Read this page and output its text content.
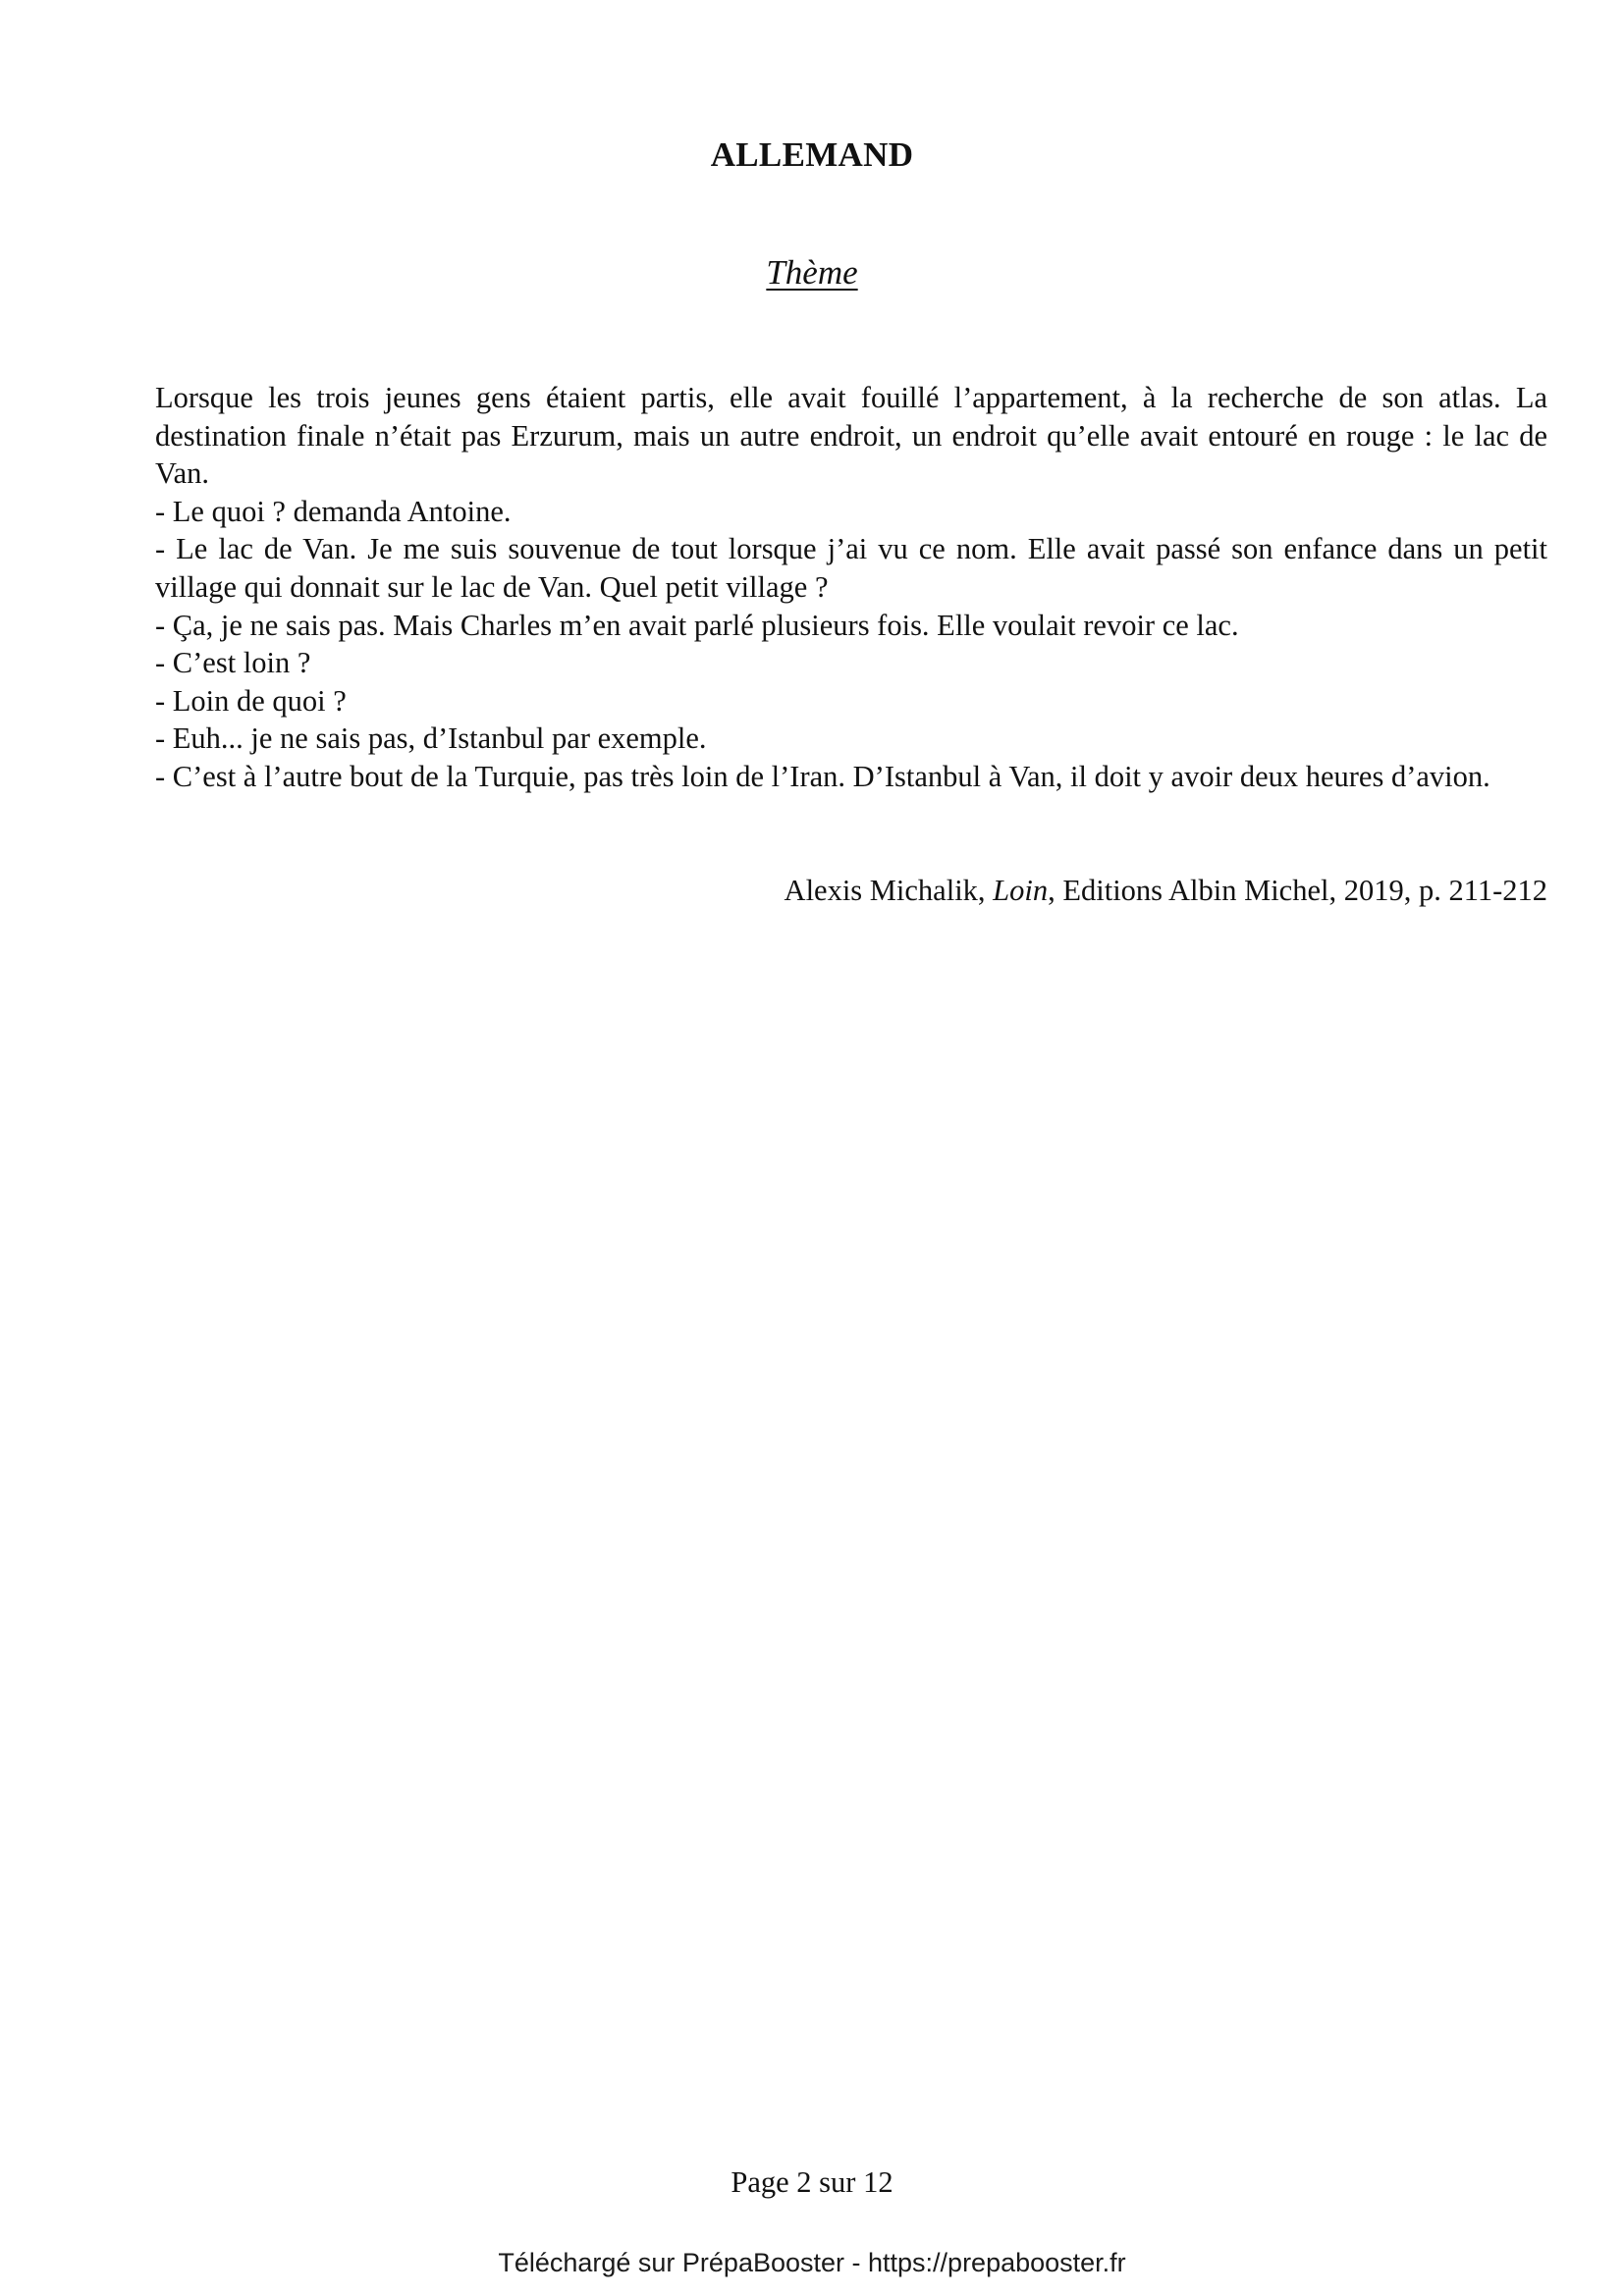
ALLEMAND
Thème

Lorsque les trois jeunes gens étaient partis, elle avait fouillé l’appartement, à la recherche de son atlas. La destination finale n’était pas Erzurum, mais un autre endroit, un endroit qu’elle avait entouré en rouge : le lac de Van.

- Le quoi ? demanda Antoine.

- Le lac de Van. Je me suis souvenue de tout lorsque j’ai vu ce nom. Elle avait passé son enfance dans un petit village qui donnait sur le lac de Van. Quel petit village ?

- Ça, je ne sais pas. Mais Charles m’en avait parlé plusieurs fois. Elle voulait revoir ce lac.

- C’est loin ?

- Loin de quoi ?

- Euh... je ne sais pas, d’Istanbul par exemple.

- C’est à l’autre bout de la Turquie, pas très loin de l’Iran. D’Istanbul à Van, il doit y avoir deux heures d’avion.

Alexis Michalik, Loin, Editions Albin Michel, 2019, p. 211-212
Page 2 sur 12
Téléchargé sur PrépaBooster - https://prepabooster.fr
